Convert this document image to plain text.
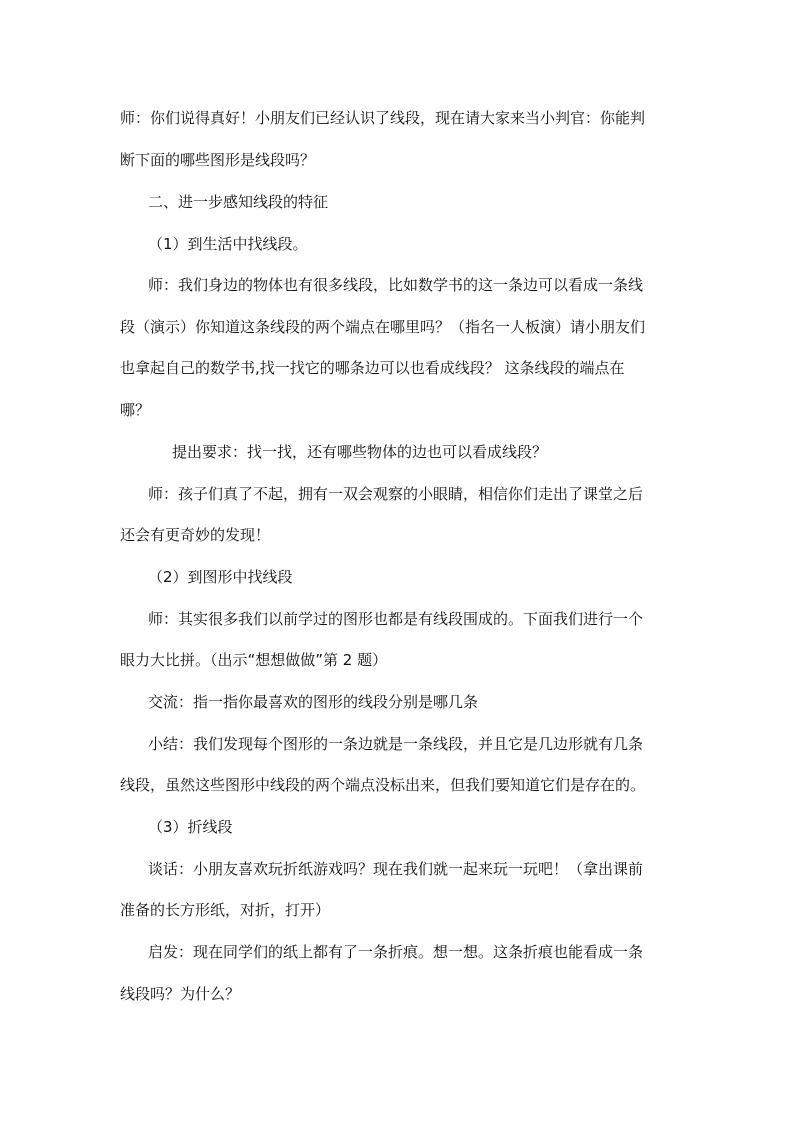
师：你们说得真好！小朋友们已经认识了线段，现在请大家来当小判官：你能判
断下面的哪些图形是线段吗？
二、进一步感知线段的特征
（1）到生活中找线段。
师：我们身边的物体也有很多线段，比如数学书的这一条边可以看成一条线
段（演示）你知道这条线段的两个端点在哪里吗？（指名一人板演）请小朋友们
也拿起自己的数学书,找一找它的哪条边可以也看成线段？ 这条线段的端点在
哪？
提出要求：找一找，还有哪些物体的边也可以看成线段？
师：孩子们真了不起，拥有一双会观察的小眼睛，相信你们走出了课堂之后
还会有更奇妙的发现！
（2）到图形中找线段
师：其实很多我们以前学过的图形也都是有线段围成的。下面我们进行一个
眼力大比拼。（出示“想想做做”第 2 题）
交流：指一指你最喜欢的图形的线段分别是哪几条
小结：我们发现每个图形的一条边就是一条线段，并且它是几边形就有几条
线段，虽然这些图形中线段的两个端点没标出来，但我们要知道它们是存在的。
（3）折线段
谈话：小朋友喜欢玩折纸游戏吗？现在我们就一起来玩一玩吧！（拿出课前
准备的长方形纸，对折，打开）
启发：现在同学们的纸上都有了一条折痕。想一想。这条折痕也能看成一条
线段吗？为什么？
